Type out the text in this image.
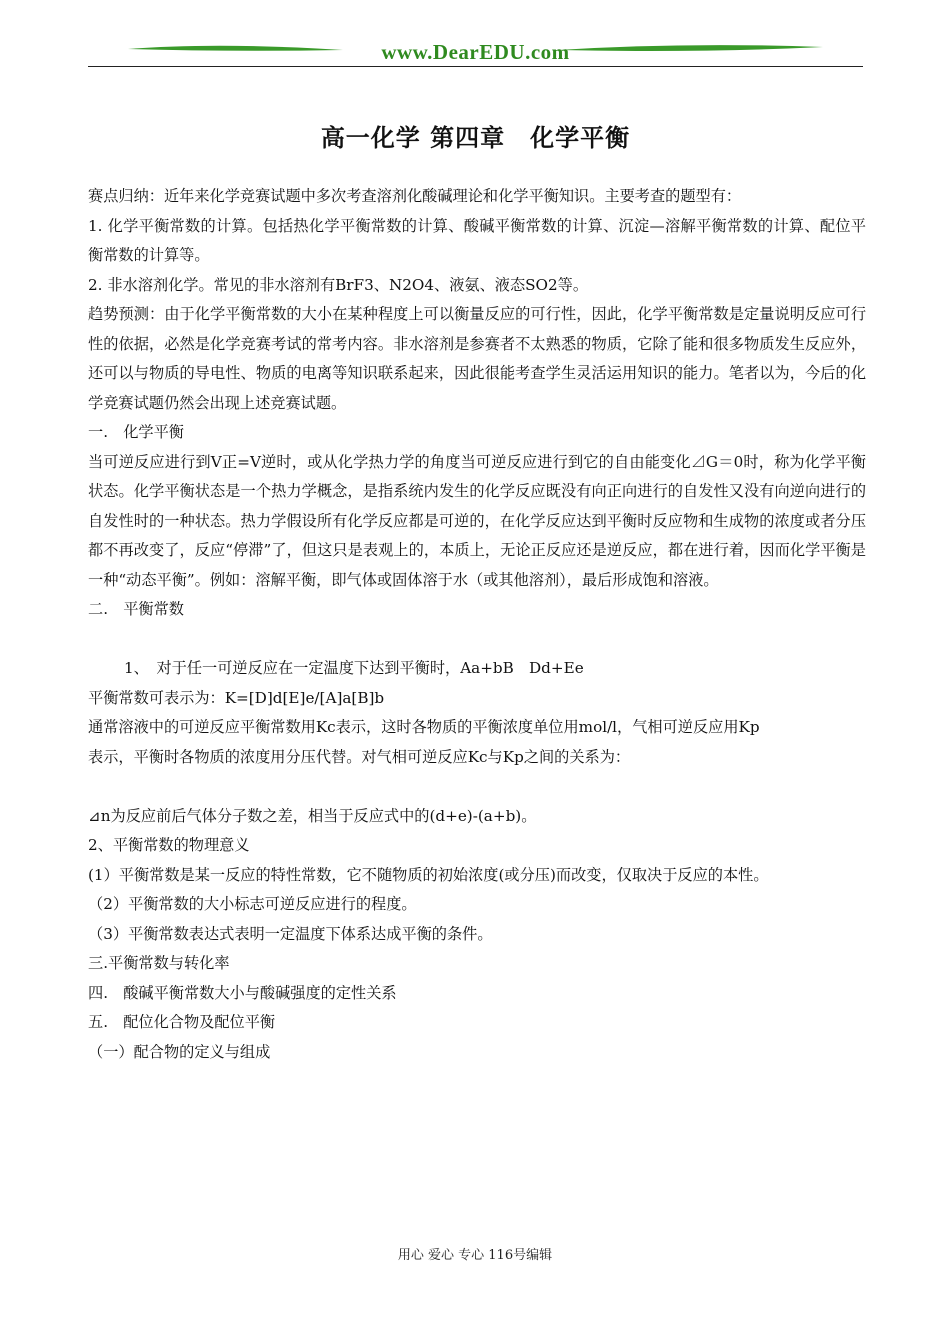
www.DearEDU.com
高一化学 第四章　化学平衡

赛点归纳：近年来化学竞赛试题中多次考查溶剂化酸碱理论和化学平衡知识。主要考查的题型有：

1. 化学平衡常数的计算。包括热化学平衡常数的计算、酸碱平衡常数的计算、沉淀—溶解平衡常数的计算、配位平衡常数的计算等。

2. 非水溶剂化学。常见的非水溶剂有BrF3、N2O4、液氨、液态SO2等。

趋势预测：由于化学平衡常数的大小在某种程度上可以衡量反应的可行性，因此，化学平衡常数是定量说明反应可行性的依据，必然是化学竞赛考试的常考内容。非水溶剂是参赛者不太熟悉的物质，它除了能和很多物质发生反应外，还可以与物质的导电性、物质的电离等知识联系起来，因此很能考查学生灵活运用知识的能力。笔者以为，今后的化学竞赛试题仍然会出现上述竞赛试题。

一.　化学平衡

当可逆反应进行到V正=V逆时，或从化学热力学的角度当可逆反应进行到它的自由能变化⊿G＝0时，称为化学平衡状态。化学平衡状态是一个热力学概念，是指系统内发生的化学反应既没有向正向进行的自发性又没有向逆向进行的自发性时的一种状态。热力学假设所有化学反应都是可逆的，在化学反应达到平衡时反应物和生成物的浓度或者分压都不再改变了，反应“停滞”了，但这只是表观上的，本质上，无论正反应还是逆反应，都在进行着，因而化学平衡是一种“动态平衡”。例如：溶解平衡，即气体或固体溶于水（或其他溶剂），最后形成饱和溶液。

二.　平衡常数

1、　对于任一可逆反应在一定温度下达到平衡时，Aa+bB　Dd+Ee

平衡常数可表示为：K=[D]d[E]e/[A]a[B]b

通常溶液中的可逆反应平衡常数用Kc表示，这时各物质的平衡浓度单位用mol/l，气相可逆反应用Kp

表示，平衡时各物质的浓度用分压代替。对气相可逆反应Kc与Kp之间的关系为：

⊿n为反应前后气体分子数之差，相当于反应式中的(d+e)-(a+b)。

2、平衡常数的物理意义

(1）平衡常数是某一反应的特性常数，它不随物质的初始浓度(或分压)而改变，仅取决于反应的本性。

（2）平衡常数的大小标志可逆反应进行的程度。

（3）平衡常数表达式表明一定温度下体系达成平衡的条件。

三.平衡常数与转化率

四.　酸碱平衡常数大小与酸碱强度的定性关系

五.　配位化合物及配位平衡

（一）配合物的定义与组成

用心 爱心 专心 116号编辑
